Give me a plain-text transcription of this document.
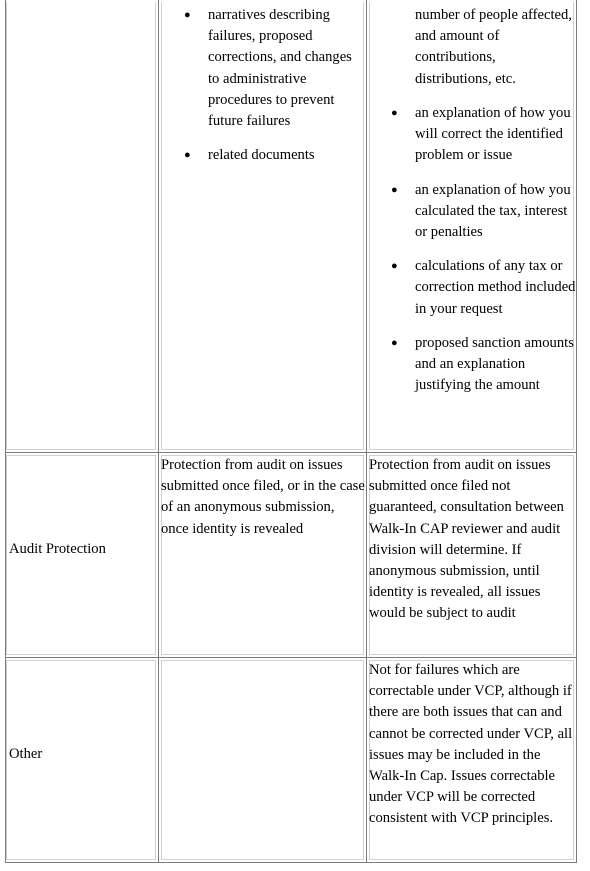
● narratives describing failures, proposed corrections, and changes to administrative procedures to prevent future failures
● related documents
number of people affected, and amount of contributions, distributions, etc.
● an explanation of how you will correct the identified problem or issue
● an explanation of how you calculated the tax, interest or penalties
● calculations of any tax or correction method included in your request
● proposed sanction amounts and an explanation justifying the amount
Audit Protection
Protection from audit on issues submitted once filed, or in the case of an anonymous submission, once identity is revealed
Protection from audit on issues submitted once filed not guaranteed, consultation between Walk-In CAP reviewer and audit division will determine. If anonymous submission, until identity is revealed, all issues would be subject to audit
Other
Not for failures which are correctable under VCP, although if there are both issues that can and cannot be corrected under VCP, all issues may be included in the Walk-In Cap. Issues correctable under VCP will be corrected consistent with VCP principles.
